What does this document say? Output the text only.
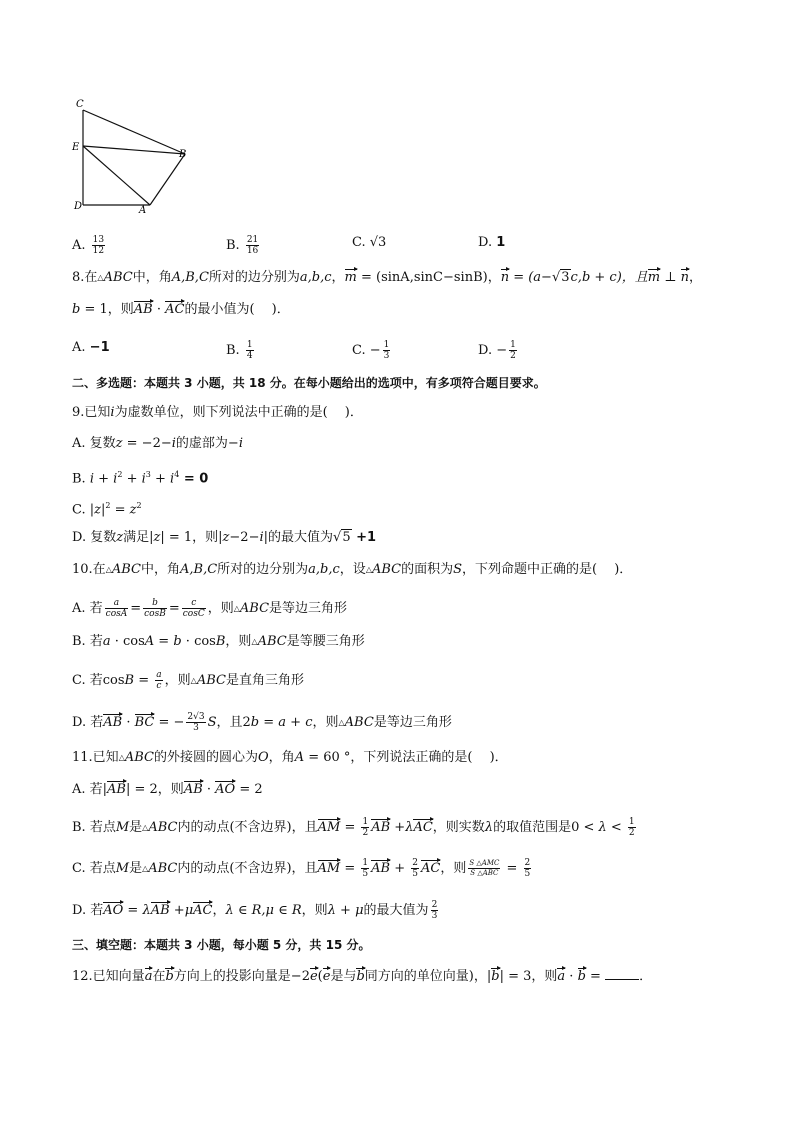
C
E
B
D	A
A. $\frac{13}{12}$	B. $\frac{21}{16}$	C. √3	D. 1
8.在△ABC中，角A,B,C所对的边分别为a,b,c，m = (sinA,sinC−sinB)，n = (a−√3c,b + c)，且m ⊥ n，
b = 1，则AB · AC的最小值为(　 )．
A. −1	B. $\frac{1}{4}$	C. − $\frac{1}{3}$	D. − $\frac{1}{2}$
二、多选题：本题共 3 小题，共 18 分。在每小题给出的选项中，有多项符合题目要求。
9.已知i为虚数单位，则下列说法中正确的是(　 )．
A. 复数z = −2−i的虚部为−i
B. $i + i^2 + i^3 + i^4 = 0$
C. $|z|^2 = z^2$
D. 复数z满足|z| = 1，则|z−2−i|的最大值为√5 +1
10.在△ABC中，角A,B,C所对的边分别为a,b,c，设△ABC的面积为S，下列命题中正确的是(　 )．
A. 若 $\frac{a}{\cos A} = \frac{b}{\cos B} = \frac{c}{\cos C}$ ，则△ABC是等边三角形
B. 若a · cosA = b · cosB，则△ABC是等腰三角形
C. 若$\cos B = \frac{a}{c}$ ，则△ABC是直角三角形
D. 若AB · BC = − $\frac{2√3}{3}$ S，且2b = a + c，则△ABC是等边三角形
11.已知△ABC的外接圆的圆心为O，角A = 60 °，下列说法正确的是(　 )．
A. 若|AB| = 2，则AB · AO = 2
B. 若点M是△ABC内的动点(不含边界)，且AM = $\frac{1}{2}$ AB +λAC，则实数λ的取值范围是$0 < \lambda < \frac{1}{2}$
C. 若点M是△ABC内的动点(不含边界)，且AM = $\frac{1}{5}$ AB + $\frac{2}{5}$ AC，则 $\frac{\text{S △AMC}}{\text{S △ABC}} = \frac{2}{5}$
D. 若AO = λAB +μAC，λ ∈ R,μ ∈ R，则λ + μ的最大值为 $\frac{2}{3}$
三、填空题：本题共 3 小题，每小题 5 分，共 15 分。
12.已知向量a在b方向上的投影向量是−2e(e是与b同方向的单位向量)，|b| = 3，则a · b =	．
